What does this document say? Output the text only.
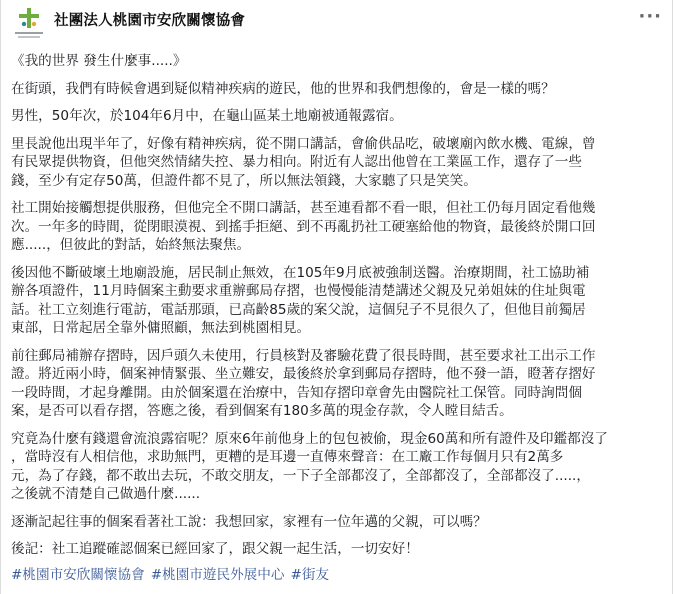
社團法人桃園市安欣關懷協會	···
《我的世界 發生什麼事.....》
在街頭，我們有時候會遇到疑似精神疾病的遊民，他的世界和我們想像的，會是一樣的嗎？
男性，50年次，於104年6月中，在龜山區某土地廟被通報露宿。
里長說他出現半年了，好像有精神疾病，從不開口講話，會偷供品吃，破壞廟內飲水機、電線，曾
有民眾提供物資，但他突然情緒失控、暴力相向。附近有人認出他曾在工業區工作，還存了一些
錢，至少有定存50萬，但證件都不見了，所以無法領錢，大家聽了只是笑笑。
社工開始接觸想提供服務，但他完全不開口講話，甚至連看都不看一眼，但社工仍每月固定看他幾
次。一年多的時間，從閉眼漠視、到搖手拒絕、到不再亂扔社工硬塞給他的物資，最後終於開口回
應.....，但彼此的對話，始終無法聚焦。
後因他不斷破壞土地廟設施，居民制止無效，在105年9月底被強制送醫。治療期間，社工協助補
辦各項證件，11月時個案主動要求重辦郵局存摺，也慢慢能清楚講述父親及兄弟姐妹的住址與電
話。社工立刻進行電訪，電話那頭，已高齡85歲的案父說，這個兒子不見很久了，但他目前獨居
東部，日常起居全靠外傭照顧，無法到桃園相見。
前往郵局補辦存摺時，因戶頭久未使用，行員核對及審驗花費了很長時間，甚至要求社工出示工作
證。將近兩小時，個案神情緊張、坐立難安，最後終於拿到郵局存摺時，他不發一語，瞪著存摺好
一段時間，才起身離開。由於個案還在治療中，告知存摺印章會先由醫院社工保管。同時詢問個
案，是否可以看存摺，答應之後，看到個案有180多萬的現金存款，令人瞠目結舌。
究竟為什麼有錢還會流浪露宿呢？原來6年前他身上的包包被偷，現金60萬和所有證件及印鑑都沒了
，當時沒有人相信他，求助無門，更糟的是耳邊一直傳來聲音：在工廠工作每個月只有2萬多
元，為了存錢，都不敢出去玩，不敢交朋友，一下子全部都沒了，全部都沒了，全部都沒了.....，
之後就不清楚自己做過什麼......
逐漸記起往事的個案看著社工說：我想回家，家裡有一位年邁的父親，可以嗎？
後記：社工追蹤確認個案已經回家了，跟父親一起生活，一切安好！
#桃園市安欣關懷協會 #桃園市遊民外展中心 #街友
